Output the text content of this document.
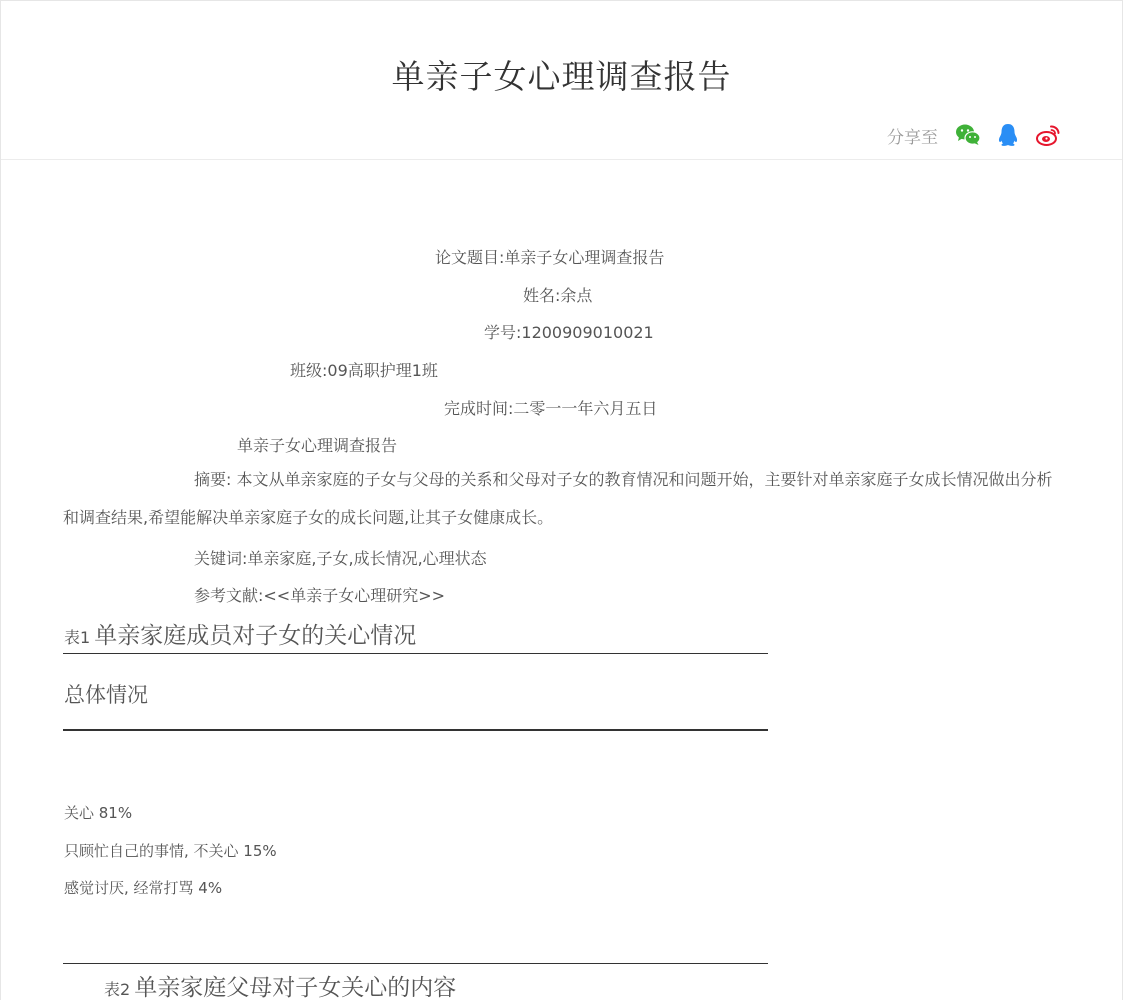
单亲子女心理调查报告
分享至
论文题目:单亲子女心理调查报告
姓名:余点
学号:1200909010021
班级:09高职护理1班
完成时间:二零一一年六月五日
单亲子女心理调查报告
摘要: 本文从单亲家庭的子女与父母的关系和父母对子女的教育情况和问题开始，主要针对单亲家庭子女成长情况做出分析和调查结果,希望能解决单亲家庭子女的成长问题,让其子女健康成长。
关键词:单亲家庭,子女,成长情况,心理状态
参考文献:<<单亲子女心理研究>>
表1 单亲家庭成员对子女的关心情况
总体情况
关心 81%
只顾忙自己的事情, 不关心 15%
感觉讨厌, 经常打骂 4%
表2 单亲家庭父母对子女关心的内容
